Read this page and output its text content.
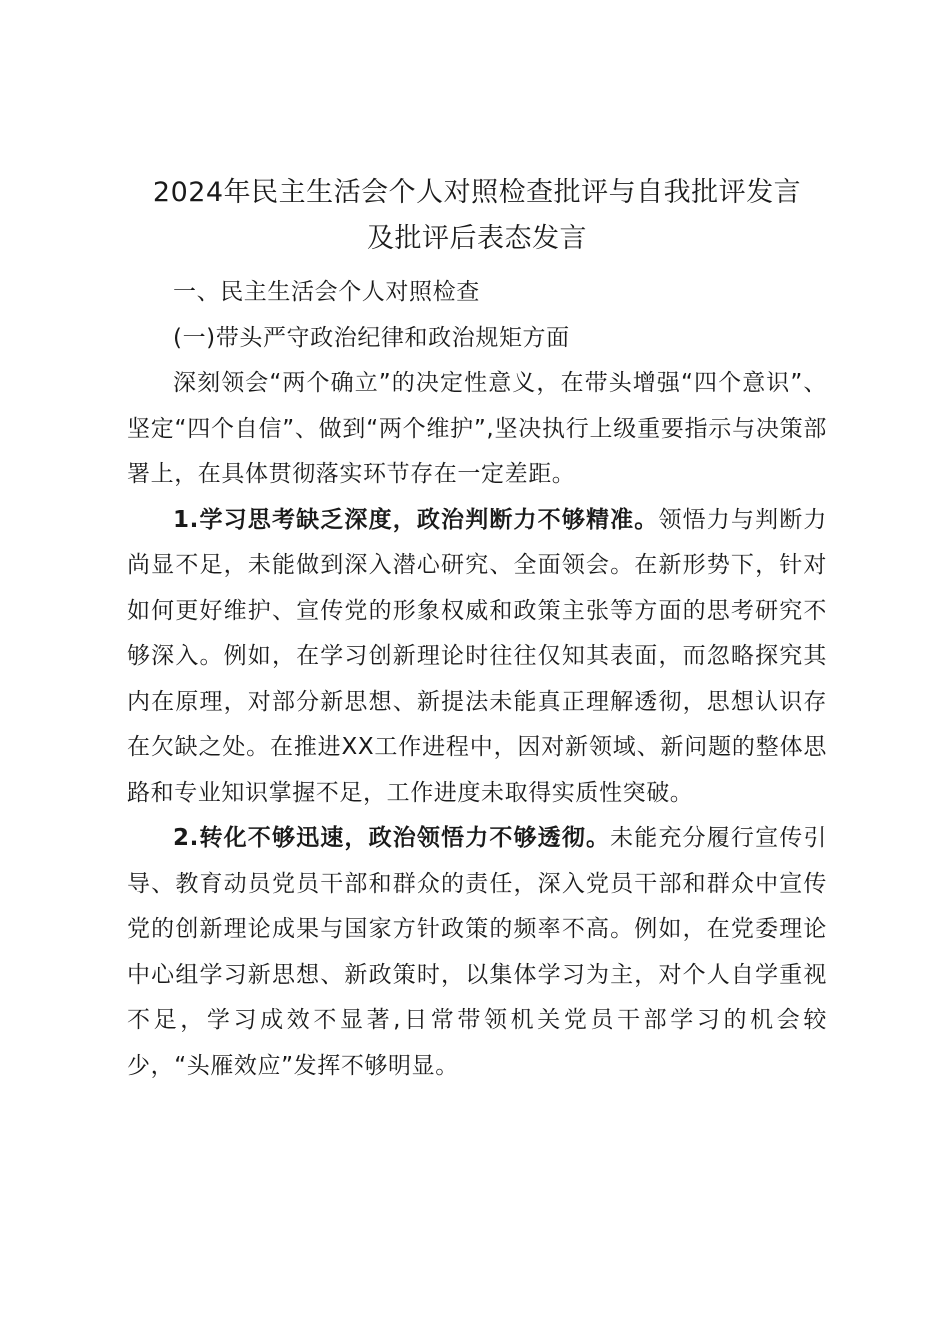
2024年民主生活会个人对照检查批评与自我批评发言
及批评后表态发言

一、民主生活会个人对照检查

(一)带头严守政治纪律和政治规矩方面

深刻领会“两个确立”的决定性意义，在带头增强“四个意识”、坚定“四个自信”、做到“两个维护”,坚决执行上级重要指示与决策部署上，在具体贯彻落实环节存在一定差距。

1.学习思考缺乏深度，政治判断力不够精准。领悟力与判断力尚显不足，未能做到深入潜心研究、全面领会。在新形势下，针对如何更好维护、宣传党的形象权威和政策主张等方面的思考研究不够深入。例如，在学习创新理论时往往仅知其表面，而忽略探究其内在原理，对部分新思想、新提法未能真正理解透彻，思想认识存在欠缺之处。在推进XX工作进程中，因对新领域、新问题的整体思路和专业知识掌握不足，工作进度未取得实质性突破。

2.转化不够迅速，政治领悟力不够透彻。未能充分履行宣传引导、教育动员党员干部和群众的责任，深入党员干部和群众中宣传党的创新理论成果与国家方针政策的频率不高。例如，在党委理论中心组学习新思想、新政策时，以集体学习为主，对个人自学重视不足，学习成效不显著,日常带领机关党员干部学习的机会较少，“头雁效应”发挥不够明显。
